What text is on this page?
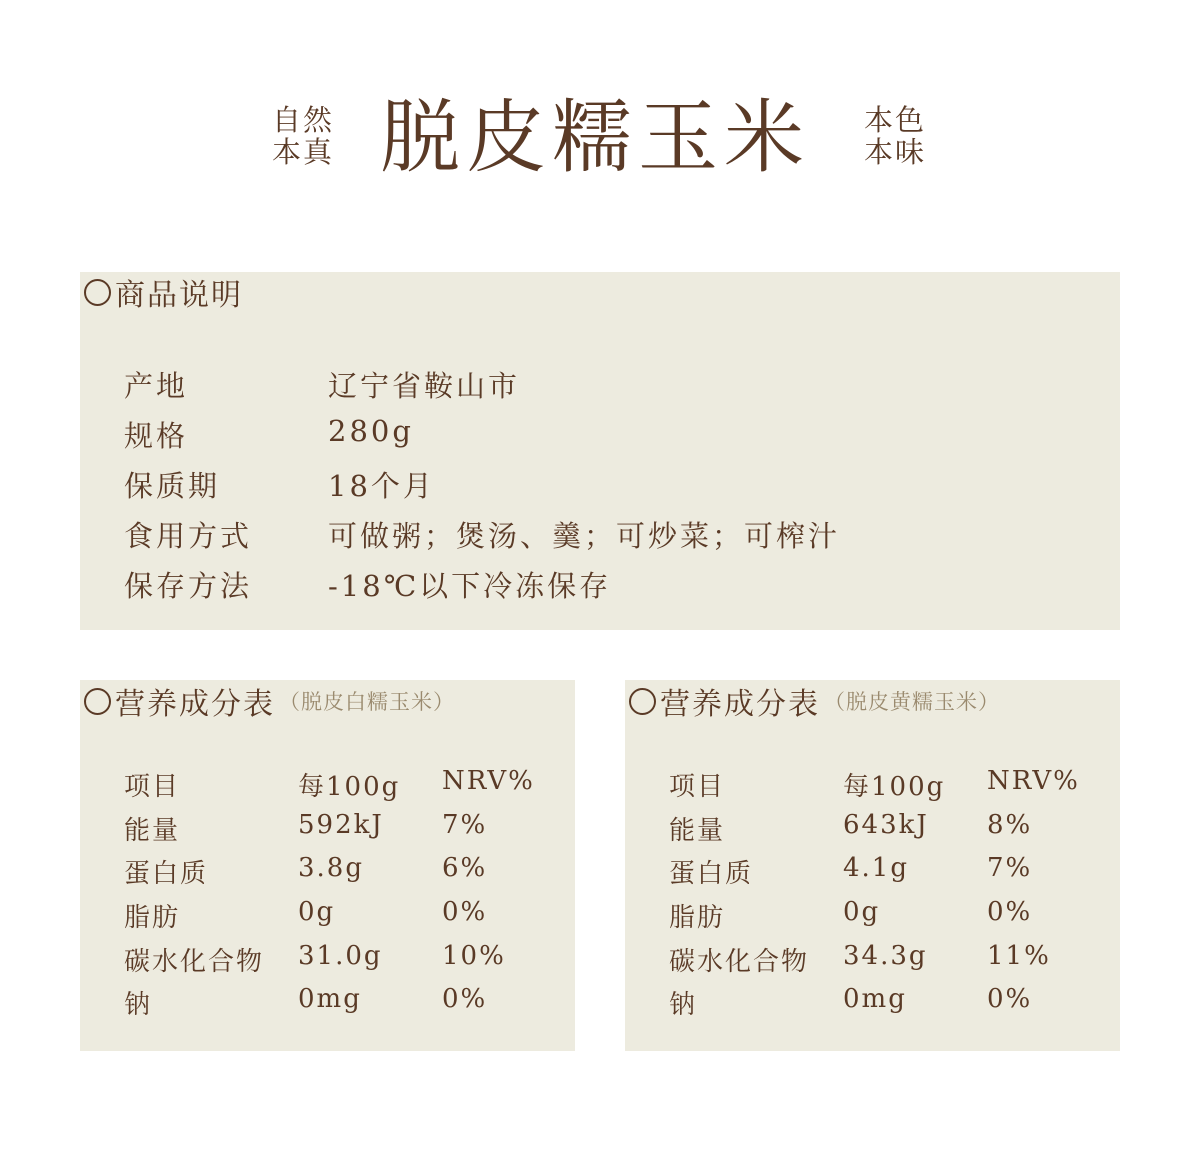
自然
本真 脱皮糯玉米 本色
本味
商品说明
产地	辽宁省鞍山市
规格	280g
保质期	18个月
食用方式	可做粥；煲汤、羹；可炒菜；可榨汁
保存方法	-18℃以下冷冻保存
营养成分表 （脱皮白糯玉米）
项目	每100g NRV%
能量	592kJ 7%
蛋白质	3.8g	6%
脂肪	0g	0%
碳水化合物 31.0g 10%
钠	0mg	0%
营养成分表 （脱皮黄糯玉米）
项目	每100g NRV%
能量	643kJ 8%
蛋白质	4.1g	7%
脂肪	0g	0%
碳水化合物 34.3g 11%
钠	0mg	0%
